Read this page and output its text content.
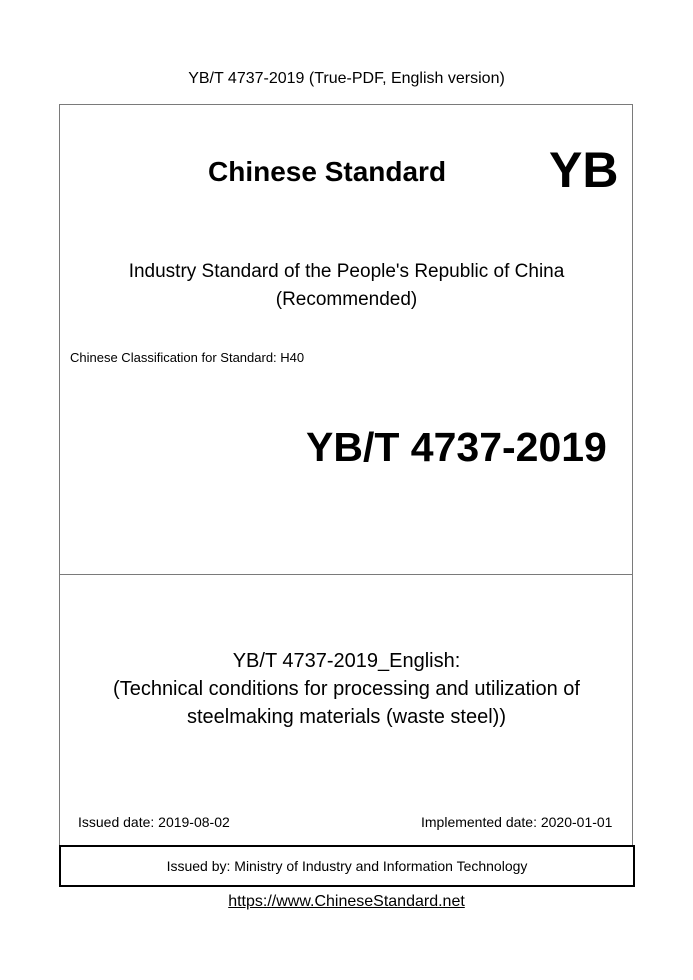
YB/T 4737-2019 (True-PDF, English version)
Chinese Standard YB
Industry Standard of the People's Republic of China
(Recommended)
Chinese Classification for Standard: H40
YB/T 4737-2019
YB/T 4737-2019_English:
(Technical conditions for processing and utilization of
steelmaking materials (waste steel))
Issued date: 2019-08-02	Implemented date: 2020-01-01
Issued by: Ministry of Industry and Information Technology
https://www.ChineseStandard.net
